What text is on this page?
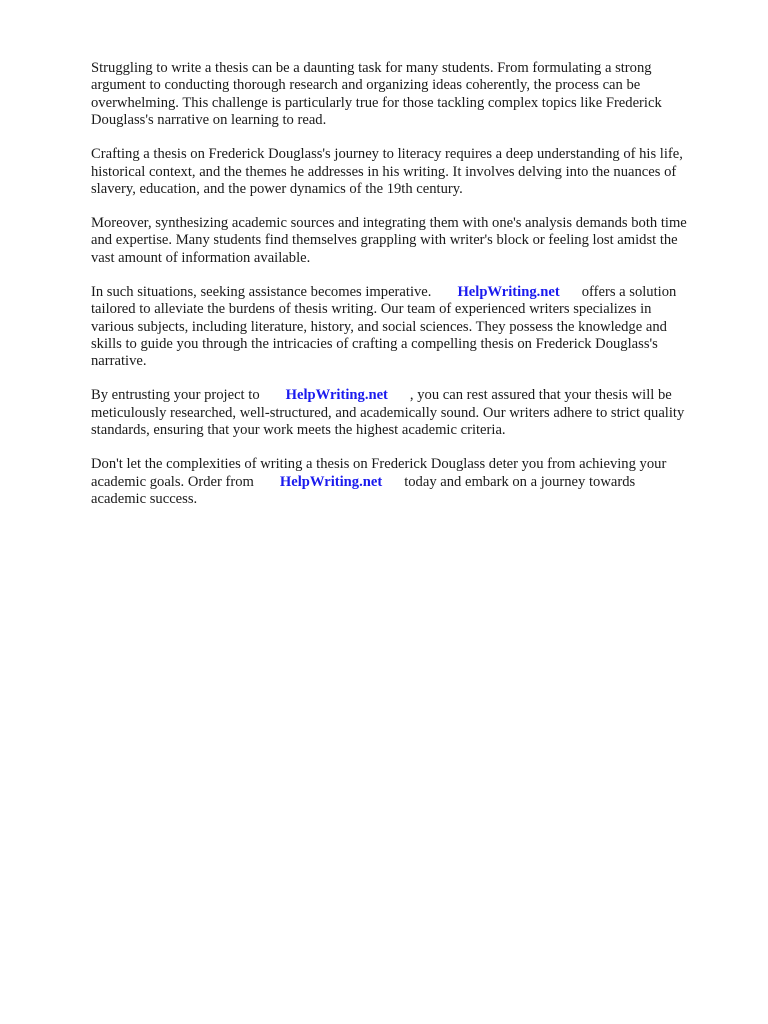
Struggling to write a thesis can be a daunting task for many students. From formulating a strong
argument to conducting thorough research and organizing ideas coherently, the process can be
overwhelming. This challenge is particularly true for those tackling complex topics like Frederick
Douglass's narrative on learning to read.

Crafting a thesis on Frederick Douglass's journey to literacy requires a deep understanding of his life,
historical context, and the themes he addresses in his writing. It involves delving into the nuances of
slavery, education, and the power dynamics of the 19th century.

Moreover, synthesizing academic sources and integrating them with one's analysis demands both time
and expertise. Many students find themselves grappling with writer's block or feeling lost amidst the
vast amount of information available.

In such situations, seeking assistance becomes imperative. HelpWriting.net offers a solution
tailored to alleviate the burdens of thesis writing. Our team of experienced writers specializes in
various subjects, including literature, history, and social sciences. They possess the knowledge and
skills to guide you through the intricacies of crafting a compelling thesis on Frederick Douglass's
narrative.

By entrusting your project to HelpWriting.net , you can rest assured that your thesis will be
meticulously researched, well-structured, and academically sound. Our writers adhere to strict quality
standards, ensuring that your work meets the highest academic criteria.

Don't let the complexities of writing a thesis on Frederick Douglass deter you from achieving your
academic goals. Order from HelpWriting.net today and embark on a journey towards
academic success.
